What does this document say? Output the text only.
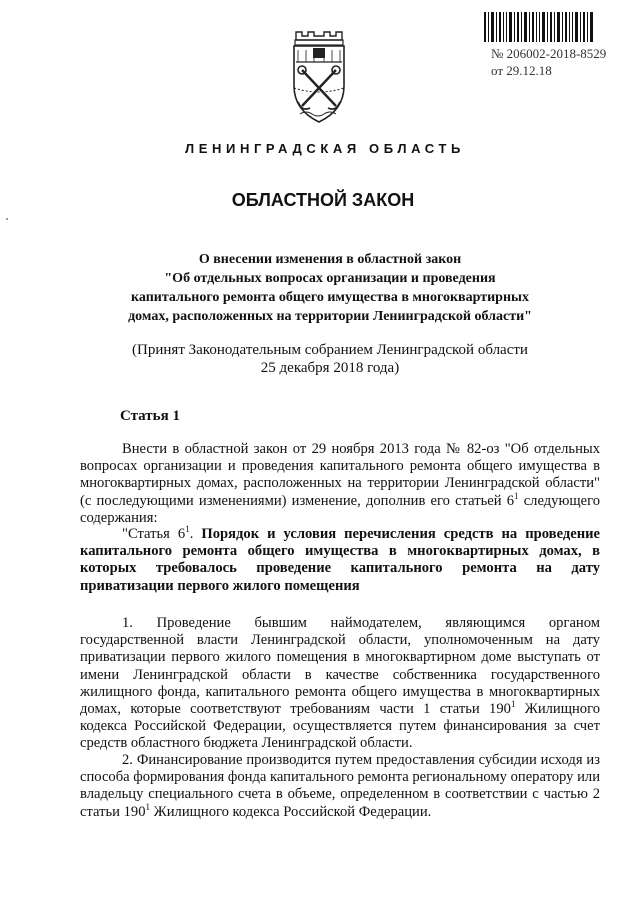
№ 206002-2018-8529
от 29.12.18
ЛЕНИНГРАДСКАЯ ОБЛАСТЬ
ОБЛАСТНОЙ ЗАКОН
О внесении изменения в областной закон
"Об отдельных вопросах организации и проведения
капитального ремонта общего имущества в многоквартирных
домах, расположенных на территории Ленинградской области"
(Принят Законодательным собранием Ленинградской области
25 декабря 2018 года)
Статья 1

Внести в областной закон от 29 ноября 2013 года № 82-оз "Об отдельных вопросах организации и проведения капитального ремонта общего имущества в многоквартирных домах, расположенных на территории Ленинградской области" (с последующими изменениями) изменение, дополнив его статьей $6^1$ следующего содержания:

"Статья $6^1$. Порядок и условия перечисления средств на проведение капитального ремонта общего имущества в многоквартирных домах, в которых требовалось проведение капитального ремонта на дату приватизации первого жилого помещения

1. Проведение бывшим наймодателем, являющимся органом государственной власти Ленинградской области, уполномоченным на дату приватизации первого жилого помещения в многоквартирном доме выступать от имени Ленинградской области в качестве собственника государственного жилищного фонда, капитального ремонта общего имущества в многоквартирных домах, которые соответствуют требованиям части 1 статьи $190^1$ Жилищного кодекса Российской Федерации, осуществляется путем финансирования за счет средств областного бюджета Ленинградской области.

2. Финансирование производится путем предоставления субсидии исходя из способа формирования фонда капитального ремонта региональному оператору или владельцу специального счета в объеме, определенном в соответствии с частью 2 статьи $190^1$ Жилищного кодекса Российской Федерации.
